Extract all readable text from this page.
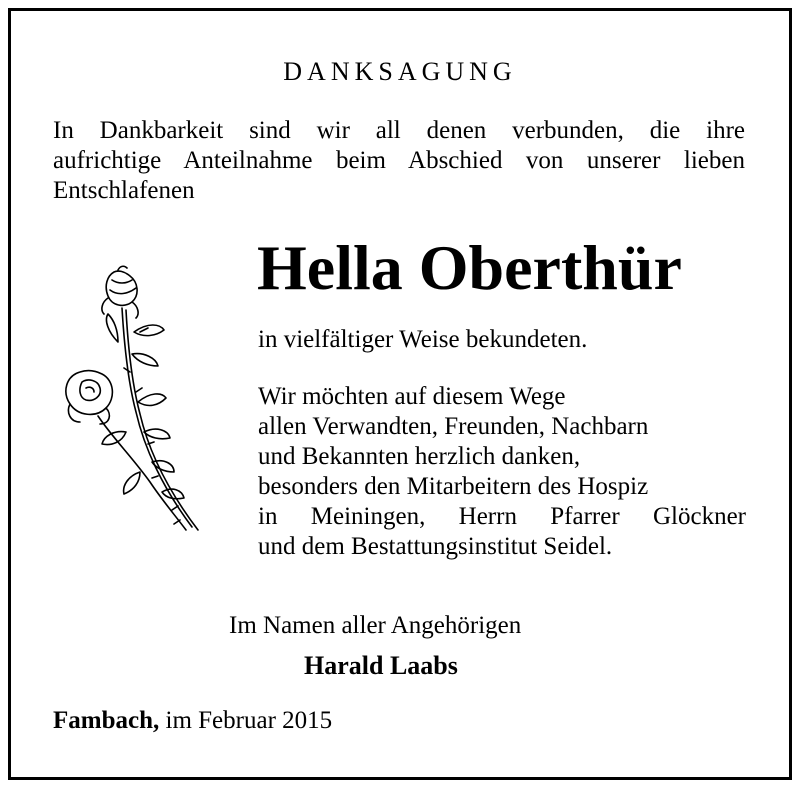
DANKSAGUNG
In Dankbarkeit sind wir all denen verbunden, die ihre
aufrichtige Anteilnahme beim Abschied von unserer lieben
Entschlafenen
Hella Oberthür
in vielfältiger Weise bekundeten.
Wir möchten auf diesem Wege
allen Verwandten, Freunden, Nachbarn
und Bekannten herzlich danken,
besonders den Mitarbeitern des Hospiz
in Meiningen, Herrn Pfarrer Glöckner
und dem Bestattungsinstitut Seidel.
Im Namen aller Angehörigen
Harald Laabs
Fambach, im Februar 2015
